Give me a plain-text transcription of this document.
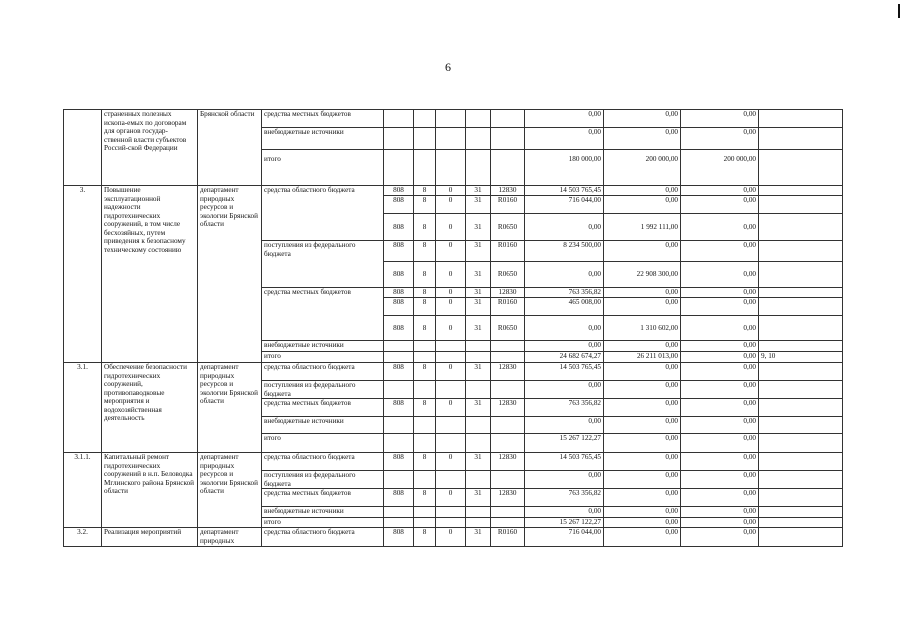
6
	страненных полезных ископа-емых по договорам для органов государ-ственной власти субъектов Россий-ской Федерации	Брянской области	средства местных бюджетов						0,00	0,00	0,00	
			внебюджетные источники						0,00	0,00	0,00	
			итого						180 000,00	200 000,00	200 000,00	
3.	Повышение эксплуатационной надежности гидротехнических сооружений, в том числе бесхозяйных, путем приведения к безопасному техническому состоянию	департамент природных ресурсов и экологии Брянской области	средства областного бюджета	808	8	0	31	12830	14 503 765,45	0,00	0,00	
				808	8	0	31	R0160	716 044,00	0,00	0,00	
				808	8	0	31	R0650	0,00	1 992 111,00	0,00	
			поступления из федерального бюджета	808	8	0	31	R0160	8 234 500,00	0,00	0,00	
				808	8	0	31	R0650	0,00	22 908 300,00	0,00	
			средства местных бюджетов	808	8	0	31	12830	763 356,82	0,00	0,00	
				808	8	0	31	R0160	465 008,00	0,00	0,00	
				808	8	0	31	R0650	0,00	1 310 602,00	0,00	
			внебюджетные источники						0,00	0,00	0,00	
			итого						24 682 674,27	26 211 013,00	0,00	9, 10
3.1.	Обеспечение безопасности гидротехнических сооружений, противопаводковые мероприятия и водохозяйственная деятельность	департамент природных ресурсов и экологии Брянской области	средства областного бюджета	808	8	0	31	12830	14 503 765,45	0,00	0,00	
			поступления из федерального бюджета						0,00	0,00	0,00	
			средства местных бюджетов	808	8	0	31	12830	763 356,82	0,00	0,00	
			внебюджетные источники						0,00	0,00	0,00	
			итого						15 267 122,27	0,00	0,00	
3.1.1.	Капитальный ремонт гидротехнических сооружений в н.п. Беловодка Мглинского района Брянской области	департамент природных ресурсов и экологии Брянской области	средства областного бюджета	808	8	0	31	12830	14 503 765,45	0,00	0,00	
			поступления из федерального бюджета						0,00	0,00	0,00	
			средства местных бюджетов	808	8	0	31	12830	763 356,82	0,00	0,00	
			внебюджетные источники						0,00	0,00	0,00	
			итого						15 267 122,27	0,00	0,00	
3.2.	Реализация мероприятий	департамент природных	средства областного бюджета	808	8	0	31	R0160	716 044,00	0,00	0,00	
